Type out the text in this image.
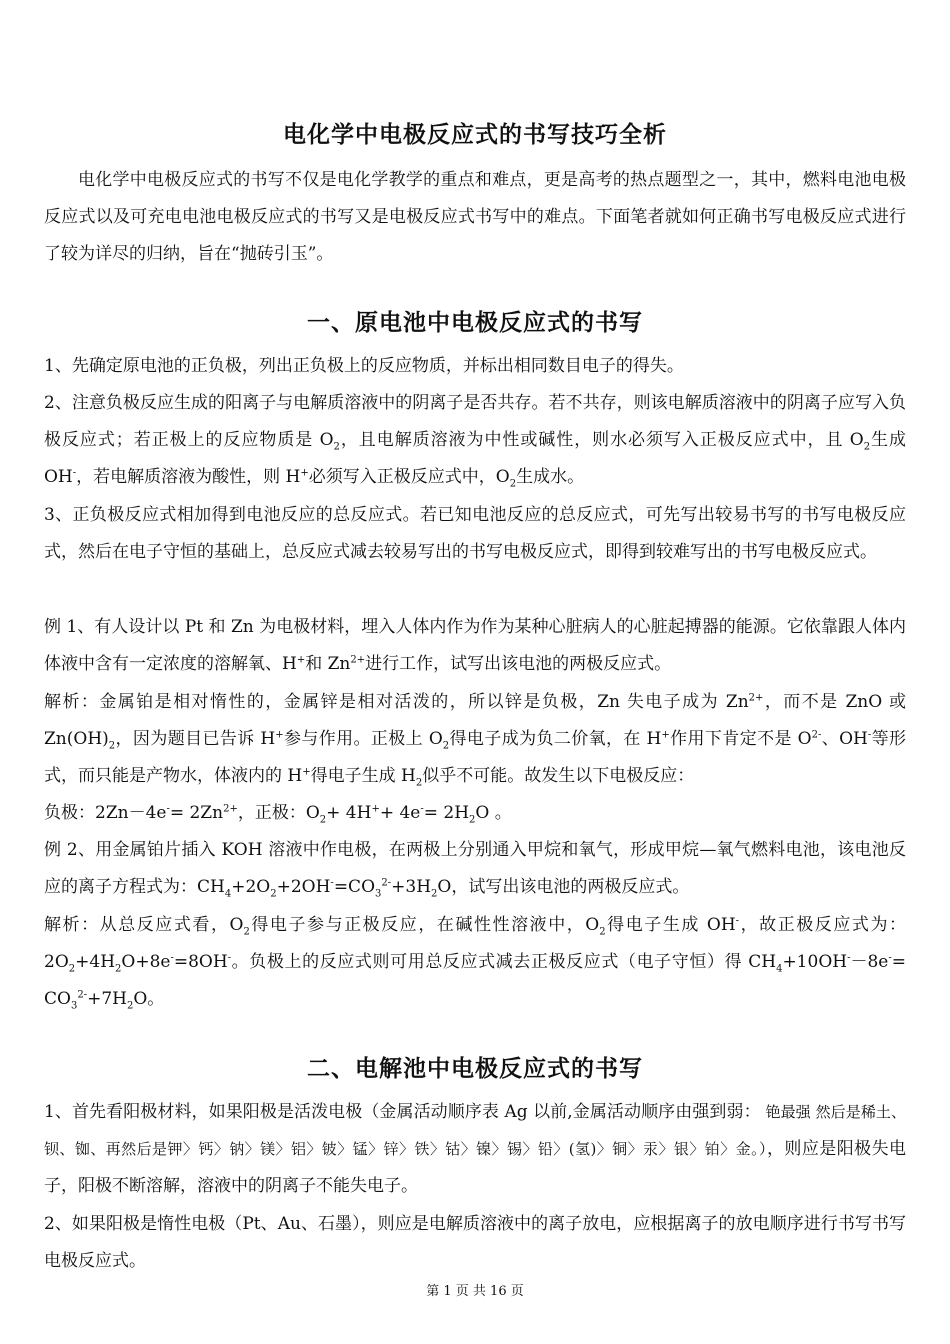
电化学中电极反应式的书写技巧全析

电化学中电极反应式的书写不仅是电化学教学的重点和难点，更是高考的热点题型之一，其中，燃料电池电极反应式以及可充电电池电极反应式的书写又是电极反应式书写中的难点。下面笔者就如何正确书写电极反应式进行了较为详尽的归纳，旨在“抛砖引玉”。

一、原电池中电极反应式的书写

1、先确定原电池的正负极，列出正负极上的反应物质，并标出相同数目电子的得失。

2、注意负极反应生成的阳离子与电解质溶液中的阴离子是否共存。若不共存，则该电解质溶液中的阴离子应写入负极反应式；若正极上的反应物质是 $O_2$，且电解质溶液为中性或碱性，则水必须写入正极反应式中，且 $O_2$生成 OH-，若电解质溶液为酸性，则 H+必须写入正极反应式中，$O_2$生成水。

3、正负极反应式相加得到电池反应的总反应式。若已知电池反应的总反应式，可先写出较易书写的书写电极反应式，然后在电子守恒的基础上，总反应式减去较易写出的书写电极反应式，即得到较难写出的书写电极反应式。

例 1、有人设计以 Pt 和 Zn 为电极材料，埋入人体内作为作为某种心脏病人的心脏起搏器的能源。它依靠跟人体内体液中含有一定浓度的溶解氧、H+和 $Zn^{2+}$进行工作，试写出该电池的两极反应式。

解析：金属铂是相对惰性的，金属锌是相对活泼的，所以锌是负极，Zn 失电子成为 $Zn^{2+}$，而不是 ZnO 或 $Zn(OH)_2$，因为题目已告诉 H+参与作用。正极上 $O_2$得电子成为负二价氧，在 H+作用下肯定不是 $O^{2-}$、OH-等形式，而只能是产物水，体液内的 H+得电子生成 $H_2$似乎不可能。故发生以下电极反应：

负极：$2Zn-4e^-= 2Zn^{2+}$，正极：$O_2+ 4H^++ 4e^-= 2H_2O$ 。

例 2、用金属铂片插入 KOH 溶液中作电极，在两极上分别通入甲烷和氧气，形成甲烷—氧气燃料电池，该电池反应的离子方程式为：$CH_4+2O_2+2OH^-=CO_3^{2-}+3H_2O$，试写出该电池的两极反应式。

解析：从总反应式看，$O_2$得电子参与正极反应，在碱性性溶液中，$O_2$得电子生成 OH-，故正极反应式为：$2O_2+4H_2O+8e^-=8OH^-$。负极上的反应式则可用总反应式减去正极反应式（电子守恒）得 $CH_4+10OH^--8e^-= CO_3^{2-}+7H_2O$。

二、电解池中电极反应式的书写

1、首先看阳极材料，如果阳极是活泼电极（金属活动顺序表 Ag 以前,金属活动顺序由强到弱： 铯最强 然后是稀土、钡、铷、再然后是钾〉钙〉钠〉镁〉铝〉铍〉锰〉锌〉铁〉钴〉镍〉锡〉铅〉(氢)〉铜〉汞〉银〉铂〉金。），则应是阳极失电子，阳极不断溶解，溶液中的阴离子不能失电子。

2、如果阳极是惰性电极（Pt、Au、石墨），则应是电解质溶液中的离子放电，应根据离子的放电顺序进行书写书写电极反应式。

第 1 页 共 16 页
